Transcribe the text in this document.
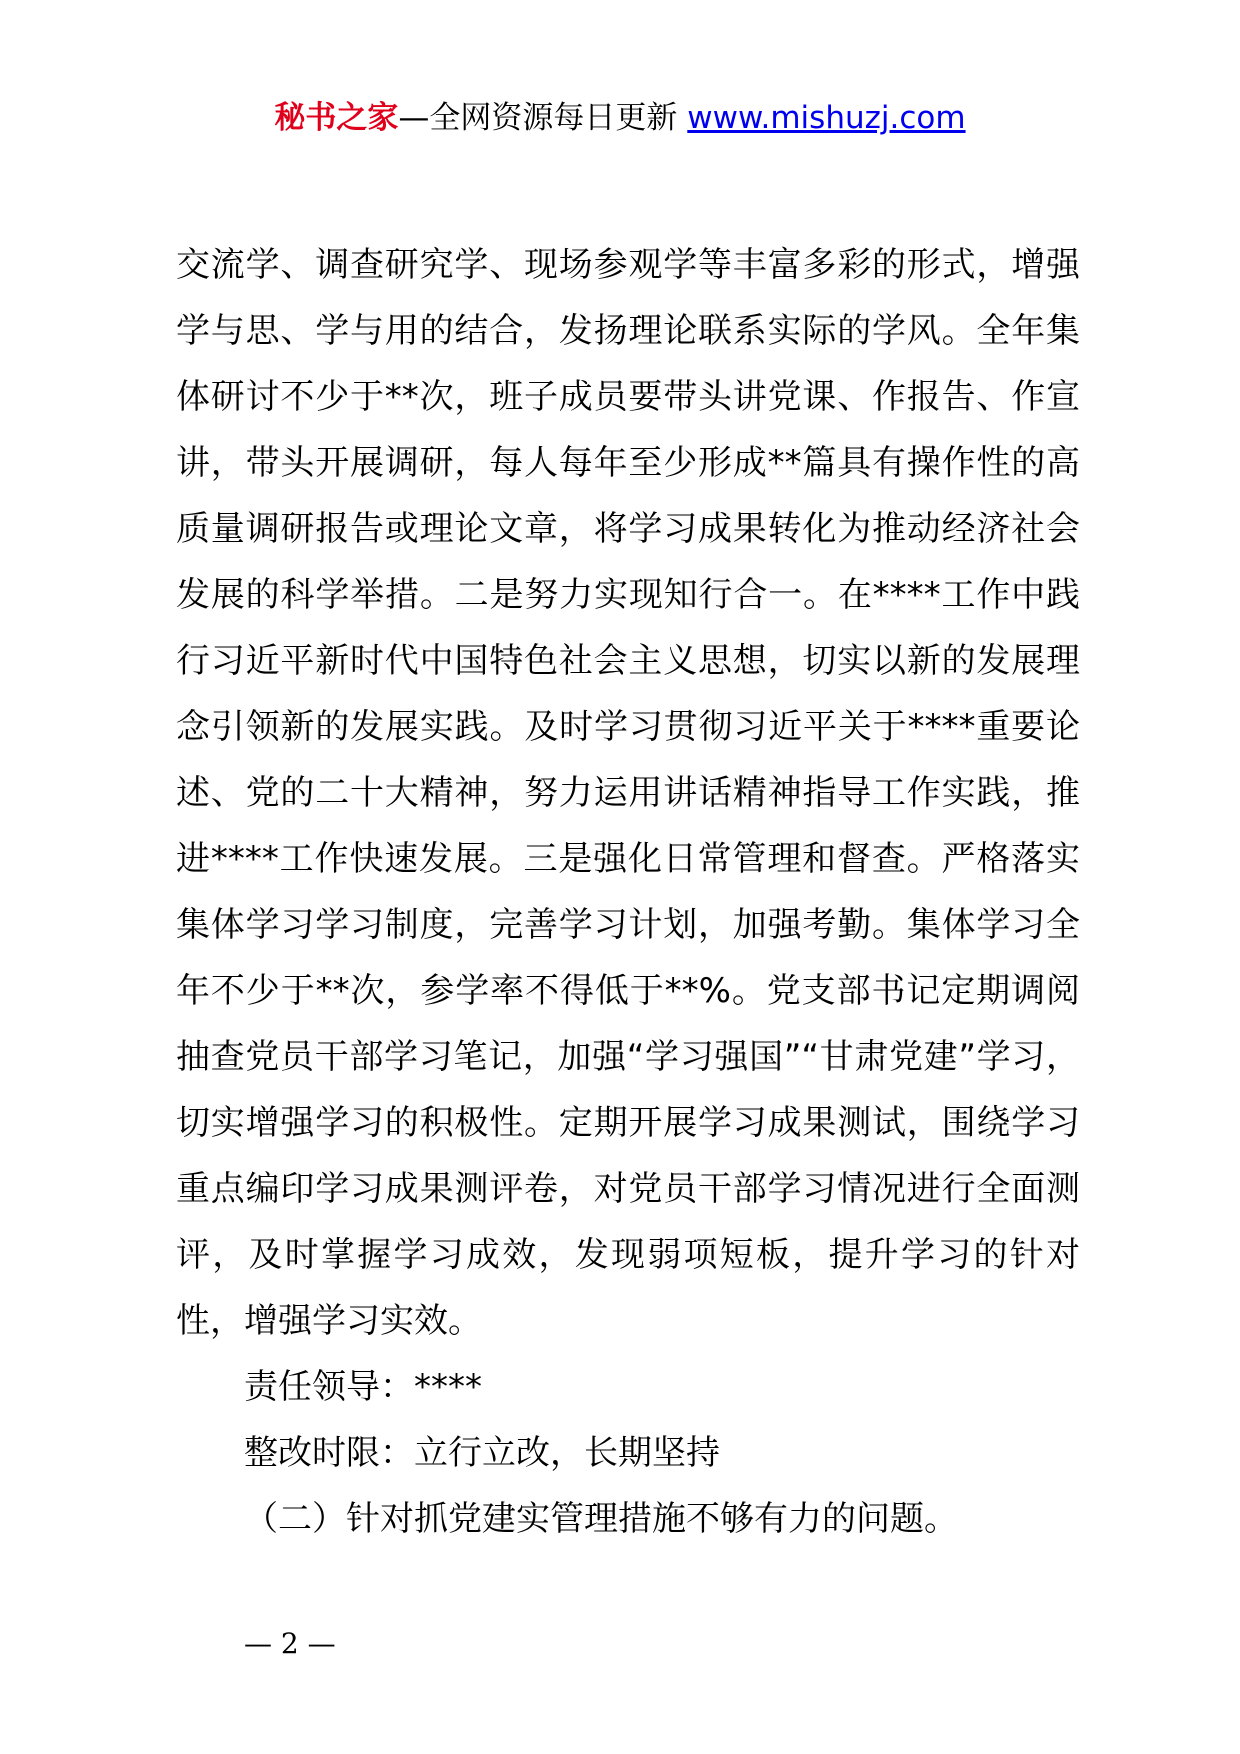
秘书之家—全网资源每日更新 www.mishuzj.com

交流学、调查研究学、现场参观学等丰富多彩的形式，增强学与思、学与用的结合，发扬理论联系实际的学风。全年集体研讨不少于**次，班子成员要带头讲党课、作报告、作宣讲，带头开展调研，每人每年至少形成**篇具有操作性的高质量调研报告或理论文章，将学习成果转化为推动经济社会发展的科学举措。二是努力实现知行合一。在****工作中践行习近平新时代中国特色社会主义思想，切实以新的发展理念引领新的发展实践。及时学习贯彻习近平关于****重要论述、党的二十大精神，努力运用讲话精神指导工作实践，推进****工作快速发展。三是强化日常管理和督查。严格落实集体学习学习制度，完善学习计划，加强考勤。集体学习全年不少于**次，参学率不得低于**%。党支部书记定期调阅抽查党员干部学习笔记，加强“学习强国”“甘肃党建”学习，切实增强学习的积极性。定期开展学习成果测试，围绕学习重点编印学习成果测评卷，对党员干部学习情况进行全面测评，及时掌握学习成效，发现弱项短板，提升学习的针对性，增强学习实效。

责任领导：****

整改时限：立行立改，长期坚持

（二）针对抓党建实管理措施不够有力的问题。

— 2 —
